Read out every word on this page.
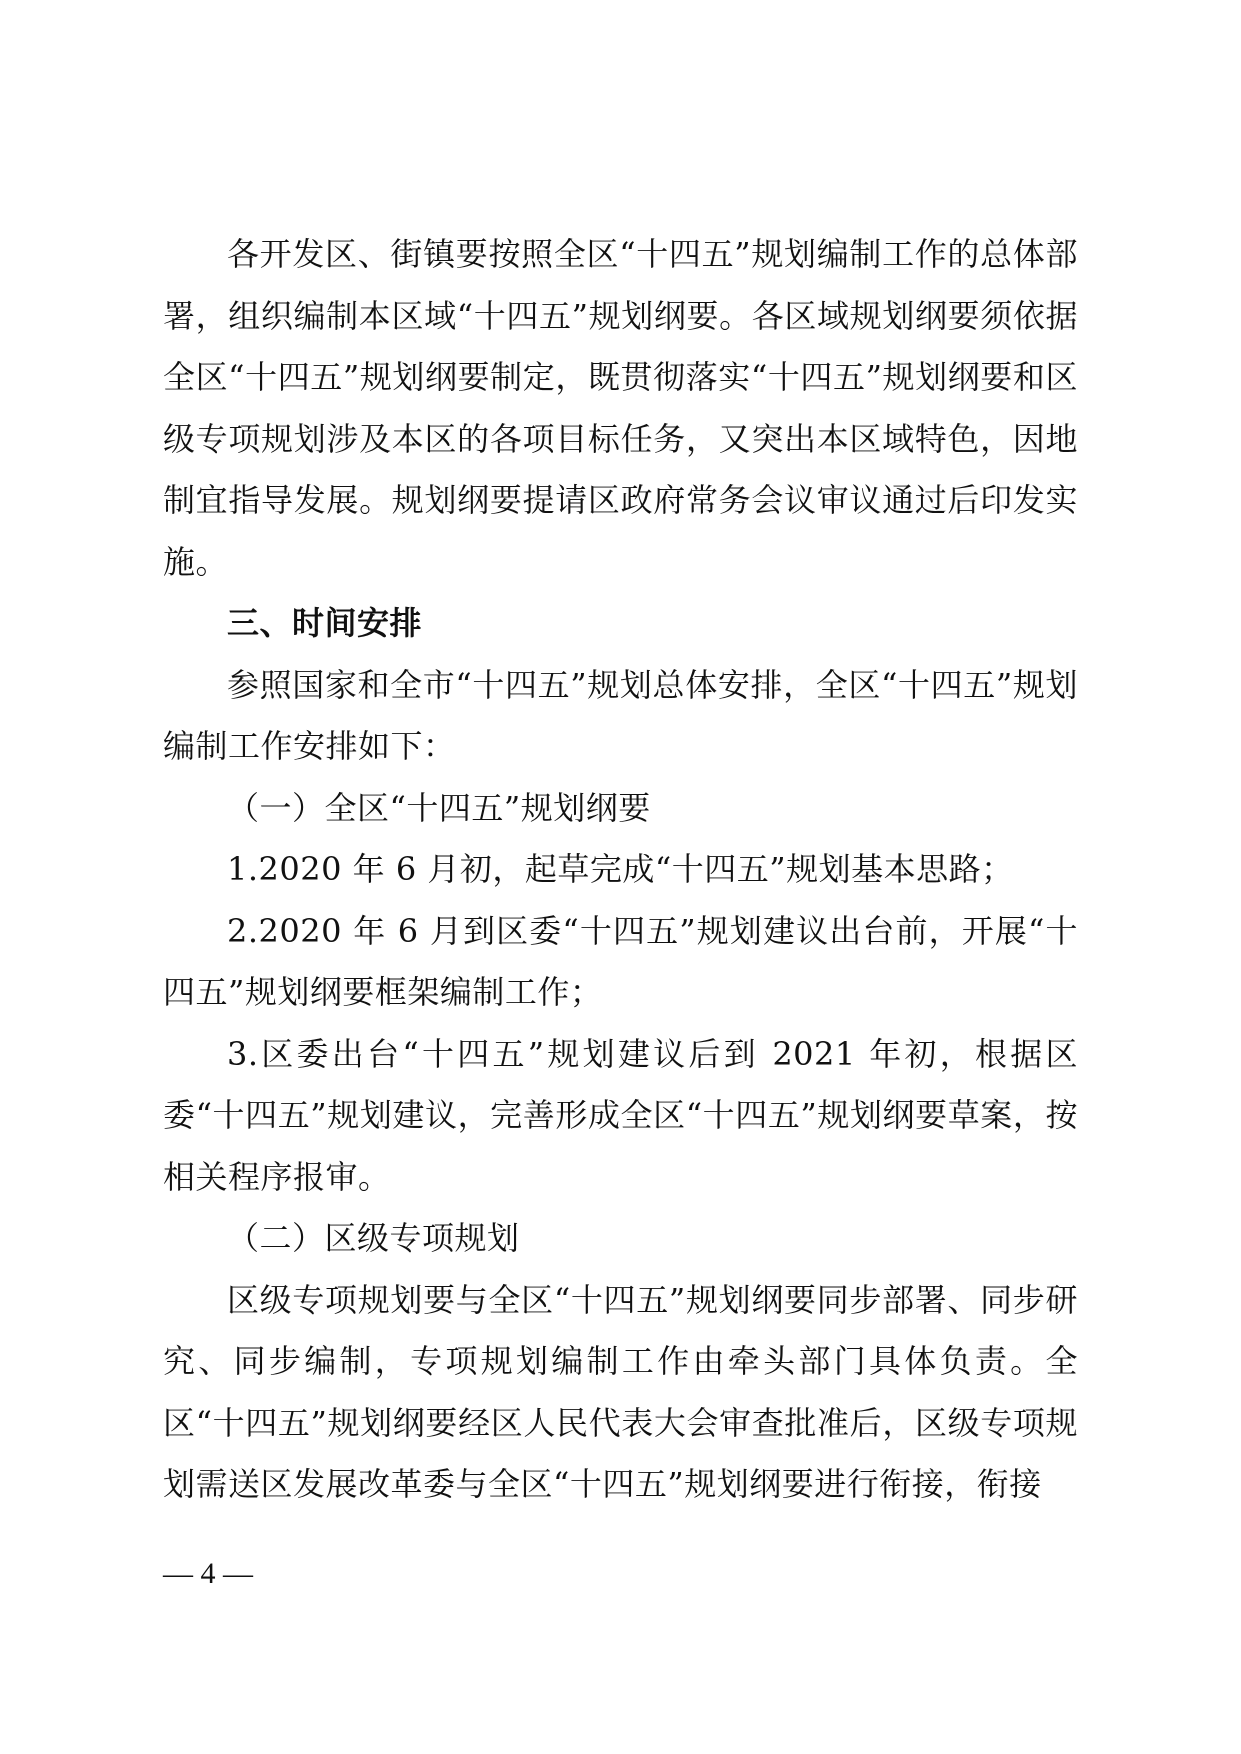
各开发区、街镇要按照全区“十四五”规划编制工作的总体部署，组织编制本区域“十四五”规划纲要。各区域规划纲要须依据全区“十四五”规划纲要制定，既贯彻落实“十四五”规划纲要和区级专项规划涉及本区的各项目标任务，又突出本区域特色，因地制宜指导发展。规划纲要提请区政府常务会议审议通过后印发实施。

三、时间安排

参照国家和全市“十四五”规划总体安排，全区“十四五”规划编制工作安排如下：

（一）全区“十四五”规划纲要

1.2020 年 6 月初，起草完成“十四五”规划基本思路；

2.2020 年 6 月到区委“十四五”规划建议出台前，开展“十四五”规划纲要框架编制工作；

3.区委出台“十四五”规划建议后到 2021 年初，根据区委“十四五”规划建议，完善形成全区“十四五”规划纲要草案，按相关程序报审。

（二）区级专项规划

区级专项规划要与全区“十四五”规划纲要同步部署、同步研究、同步编制，专项规划编制工作由牵头部门具体负责。全区“十四五”规划纲要经区人民代表大会审查批准后，区级专项规划需送区发展改革委与全区“十四五”规划纲要进行衔接，衔接

— 4 —
